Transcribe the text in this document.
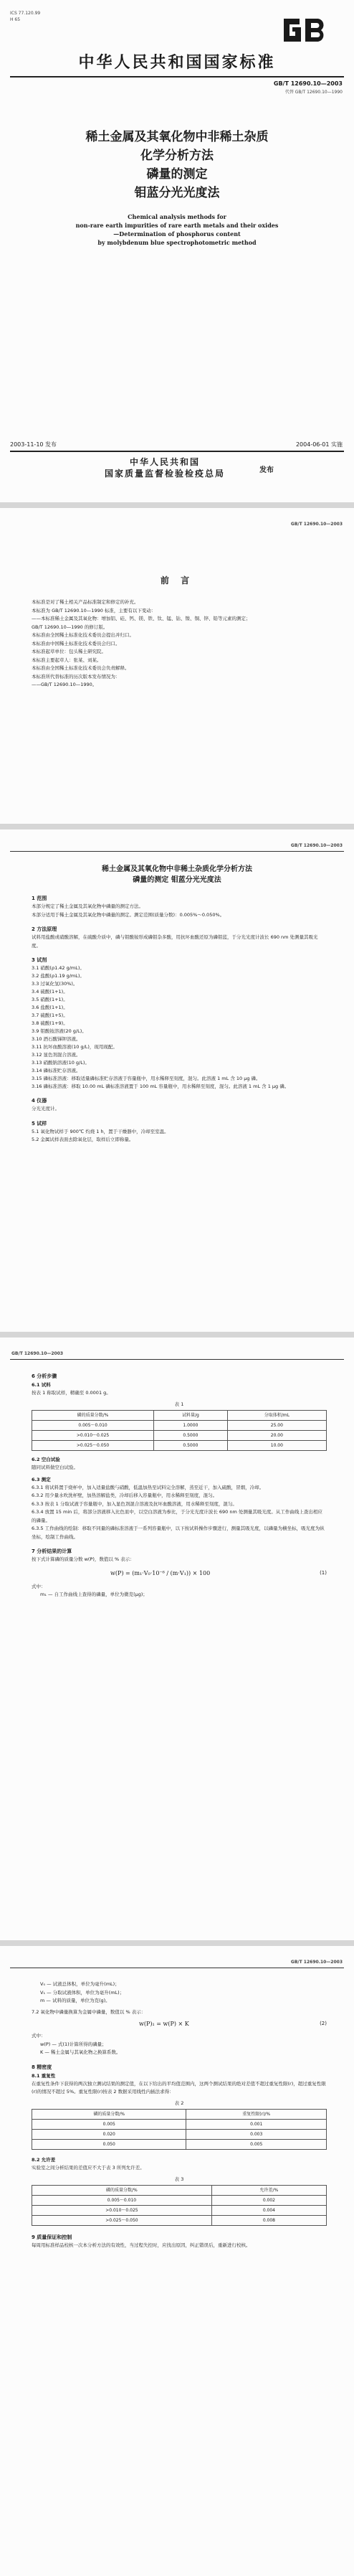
ICS 77.120.99
H 65
中华人民共和国国家标准
GB/T 12690.10—2003
代替 GB/T 12690.10—1990
稀土金属及其氧化物中非稀土杂质
化学分析方法
磷量的测定
钼蓝分光光度法
Chemical analysis methods for
non-rare earth impurities of rare earth metals and their oxides
—Determination of phosphorus content
by molybdenum blue spectrophotometric method
2003-11-10 发布	2004-06-01 实施
中华人民共和国
国家质量监督检验检疫总局	发布
GB/T 12690.10—2003
前 言

本标准是对了稀土相关产品标准制定和修定的补充。

本标准为 GB/T 12690.10—1990 标准，主要有以下变动：

——本标准稀土金属及其氧化物：增加铝、硅、钙、镁、铁、钛、锰、钴、镍、铜、锌、铅等元素的测定；

GB/T 12690.10—1990 的修订版。

本标准由全国稀土标准化技术委员会提出并归口。

本标准由中国稀土标准化技术委员会归口。

本标准起草单位：包头稀土研究院。

本标准主要起草人：张某、刘某。

本标准由全国稀土标准化技术委员会负责解释。

本标准所代替标准的历次版本发布情况为：

——GB/T 12690.10—1990。

GB/T 12690.10—2003
稀土金属及其氧化物中非稀土杂质化学分析方法
磷量的测定 钼蓝分光光度法

1 范围

本部分规定了稀土金属及其氧化物中磷量的测定方法。

本部分适用于稀土金属及其氧化物中磷量的测定。测定范围(质量分数)：0.005%～0.050%。

2 方法原理

试料用盐酸或硝酸溶解，在硫酸介质中，磷与钼酸铵形成磷钼杂多酸，用抗坏血酸还原为磷钼蓝，于分光光度计波长 690 nm 处测量其吸光度。

3 试剂

3.1 硝酸(ρ1.42 g/mL)。

3.2 盐酸(ρ1.19 g/mL)。

3.3 过氧化氢(30%)。

3.4 硫酸(1+1)。

3.5 硝酸(1+1)。

3.6 盐酸(1+1)。

3.7 硫酸(1+5)。

3.8 硫酸(1+9)。

3.9 钼酸铵溶液(20 g/L)。

3.10 酒石酸锑钾溶液。

3.11 抗坏血酸溶液(10 g/L)，现用现配。

3.12 显色剂混合溶液。

3.13 硝酸钠溶液(10 g/L)。

3.14 磷标准贮存溶液。

3.15 磷标准溶液：移取适量磷标准贮存溶液于容量瓶中，用水稀释至刻度，混匀。此溶液 1 mL 含 10 μg 磷。

3.16 磷标准溶液：移取 10.00 mL 磷标准溶液置于 100 mL 容量瓶中，用水稀释至刻度，混匀。此溶液 1 mL 含 1 μg 磷。

4 仪器

分光光度计。

5 试样

5.1 氧化物试样于 900℃ 灼烧 1 h，置于干燥器中，冷却至室温。

5.2 金属试样表面去除氧化层，取样后立即称量。

GB/T 12690.10—2003

6 分析步骤

6.1 试料

按表 1 称取试样，精确至 0.0001 g。

表 1

磷的质量分数/%	试料量/g	分取体积/mL
0.005～0.010	1.0000	25.00
>0.010～0.025	0.5000	20.00
>0.025～0.050	0.5000	10.00

6.2 空白试验

随同试料做空白试验。

6.3 测定

6.3.1 将试料置于烧杯中，加入适量盐酸与硝酸，低温加热至试料完全溶解，蒸至近干，加入硫酸，冒烟，冷却。

6.3.2 用少量水吹洗杯壁，加热溶解盐类，冷却后移入容量瓶中，用水稀释至刻度，混匀。

6.3.3 按表 1 分取试液于容量瓶中，加入显色剂混合溶液及抗坏血酸溶液，用水稀释至刻度，混匀。

6.3.4 放置 15 min 后，将部分溶液移入比色皿中，以空白溶液为参比，于分光光度计波长 690 nm 处测量其吸光度。从工作曲线上查出相应的磷量。

6.3.5 工作曲线的绘制：移取不同量的磷标准溶液于一系列容量瓶中，以下按试料操作步骤进行，测量其吸光度，以磷量为横坐标，吸光度为纵坐标，绘制工作曲线。

7 分析结果的计算

按下式计算磷的质量分数 w(P)，数值以 % 表示：

w(P) = (m₁·V₀·10⁻⁶ / (m·V₁)) × 100	(1)

式中：

m₁ — 自工作曲线上查得的磷量，单位为微克(μg)；

GB/T 12690.10—2003

V₀ — 试液总体积，单位为毫升(mL)；

V₁ — 分取试液体积，单位为毫升(mL)；

m — 试料的质量，单位为克(g)。

7.2 氧化物中磷量换算为金属中磷量，数值以 % 表示：

w(P)₁ = w(P) × K	(2)

式中：

w(P) — 式(1)计算所得的磷量；

K — 稀土金属与其氧化物之换算系数。

8 精密度

8.1 重复性

在重复性条件下获得的两次独立测试结果的测定值，在以下给出的平均值范围内，这两个测试结果的绝对差值不超过重复性限(r)，超过重复性限(r)的情况不超过 5%。重复性限(r)按表 2 数据采用线性内插法求得：

表 2

磷的质量分数/%	重复性限(r)/%
0.005	0.001
0.020	0.003
0.050	0.005

8.2 允许差

实验室之间分析结果的差值应不大于表 3 所列允许差。

表 3

磷的质量分数/%	允许差/%
0.005～0.010	0.002
>0.010～0.025	0.004
>0.025～0.050	0.008

9 质量保证和控制

每周用标准样品校核一次本分析方法的有效性，当过程失控时，应找出原因，纠正错误后，重新进行校核。
